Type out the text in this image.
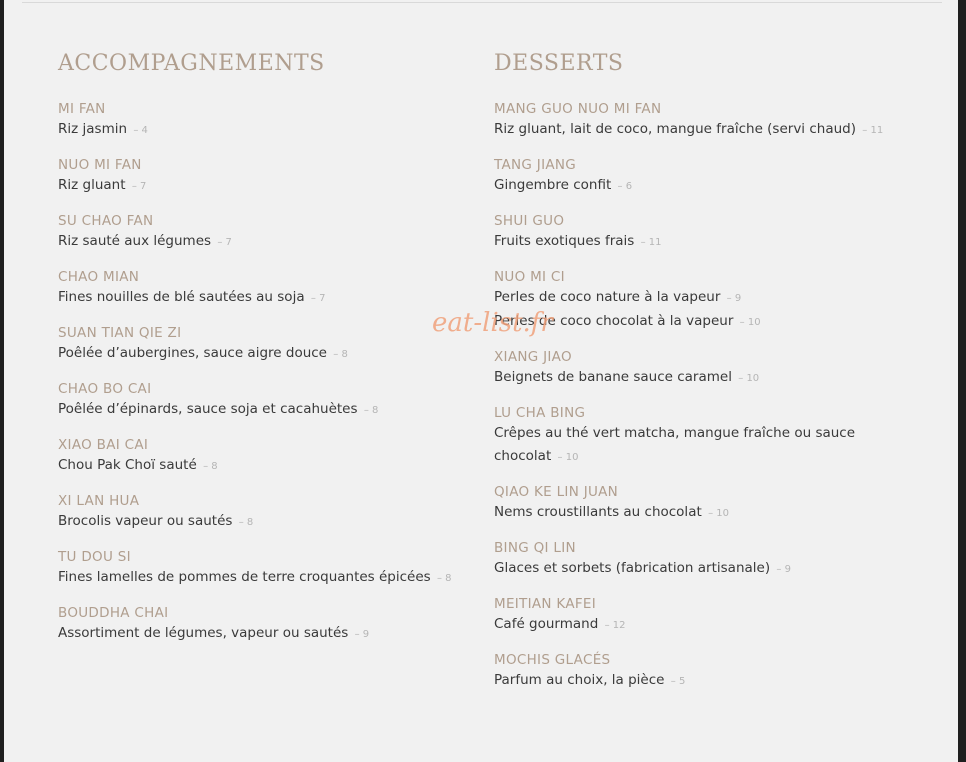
ACCOMPAGNEMENTS
MI FAN
Riz jasmin – 4
NUO MI FAN
Riz gluant – 7
SU CHAO FAN
Riz sauté aux légumes – 7
CHAO MIAN
Fines nouilles de blé sautées au soja – 7
SUAN TIAN QIE ZI
Poêlée d’aubergines, sauce aigre douce – 8
CHAO BO CAI
Poêlée d’épinards, sauce soja et cacahuètes – 8
XIAO BAI CAI
Chou Pak Choï sauté – 8
XI LAN HUA
Brocolis vapeur ou sautés – 8
TU DOU SI
Fines lamelles de pommes de terre croquantes épicées – 8
BOUDDHA CHAI
Assortiment de légumes, vapeur ou sautés – 9
DESSERTS
MANG GUO NUO MI FAN
Riz gluant, lait de coco, mangue fraîche (servi chaud) – 11
TANG JIANG
Gingembre confit – 6
SHUI GUO
Fruits exotiques frais – 11
NUO MI CI
Perles de coco nature à la vapeur – 9
Perles de coco chocolat à la vapeur – 10
XIANG JIAO
Beignets de banane sauce caramel – 10
LU CHA BING
Crêpes au thé vert matcha, mangue fraîche ou sauce
chocolat – 10
QIAO KE LIN JUAN
Nems croustillants au chocolat – 10
BING QI LIN
Glaces et sorbets (fabrication artisanale) – 9
MEITIAN KAFEI
Café gourmand – 12
MOCHIS GLACÉS
Parfum au choix, la pièce – 5
eat-list.fr
